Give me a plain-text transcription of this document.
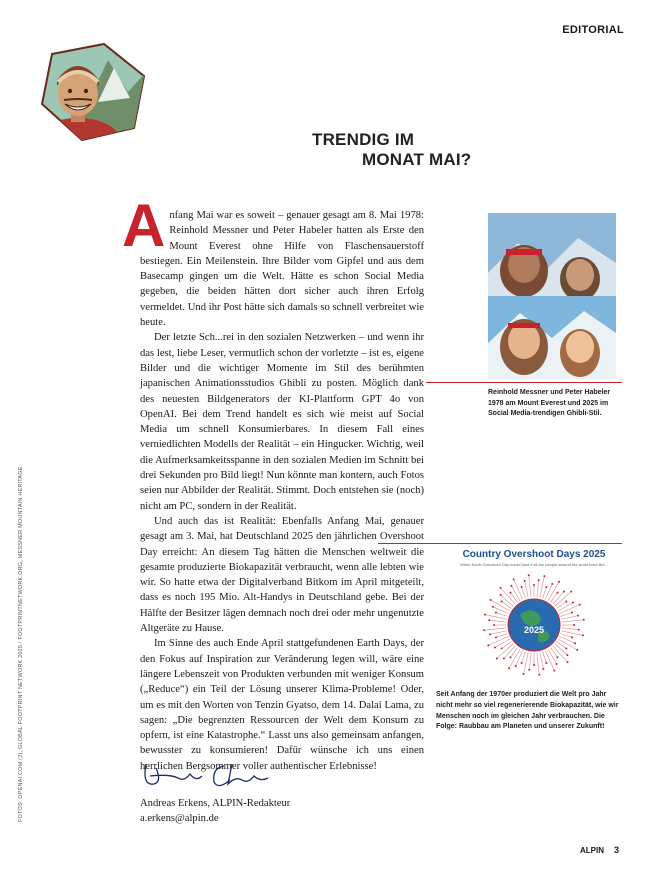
EDITORIAL
TRENDIG IM
MONAT MAI?
FOTOS: OPENAI.COM (2), GLOBAL FOOTPRINT NETWORK 2025 / FOOTPRINTNETWORK.ORG, MESSNER MOUNTAIN HERITAGE

Anfang Mai war es soweit – genauer gesagt am 8. Mai 1978: Reinhold Messner und Peter Habeler hatten als Erste den Mount Everest ohne Hilfe von Flaschensauerstoff bestiegen. Ein Meilenstein. Ihre Bilder vom Gipfel und aus dem Basecamp gingen um die Welt. Hätte es schon Social Media gegeben, die beiden hätten dort sicher auch ihren Erfolg vermeldet. Und ihr Post hätte sich damals so schnell verbreitet wie heute.

Der letzte Sch...rei in den sozialen Netzwerken – und wenn ihr das lest, liebe Leser, vermutlich schon der vorletzte – ist es, eigene Bilder und die wichtiger Momente im Stil des berühmten japanischen Animationsstudios Ghibli zu posten. Möglich dank des neuesten Bildgenerators der KI-Plattform GPT 4o von OpenAI. Bei dem Trend handelt es sich wie meist auf Social Media um schnell Konsumierbares. In diesem Fall eines verniedlichten Modells der Realität – ein Hingucker. Wichtig, weil die Aufmerksamkeitsspanne in den sozialen Medien im Schnitt bei drei Sekunden pro Bild liegt! Nun könnte man kontern, auch Fotos seien nur Abbilder der Realität. Stimmt. Doch entstehen sie (noch) nicht am PC, sondern in der Realität.

Und auch das ist Realität: Ebenfalls Anfang Mai, genauer gesagt am 3. Mai, hat Deutschland 2025 den jährlichen Overshoot Day erreicht: An diesem Tag hätten die Menschen weltweit die gesamte produzierte Biokapazität verbraucht, wenn alle lebten wie wir. So hatte etwa der Digitalverband Bitkom im April mitgeteilt, dass es noch 195 Mio. Alt-Handys in Deutschland gebe. Bei der Hälfte der Besitzer lägen demnach noch drei oder mehr ungenutzte Altgeräte zu Hause.

Im Sinne des auch Ende April stattgefundenen Earth Days, der den Fokus auf Inspiration zur Veränderung legen will, wäre eine längere Lebenszeit von Produkten verbunden mit weniger Konsum („Reduce“) ein Teil der Lösung unserer Klima-Probleme! Oder, um es mit den Worten von Tenzin Gyatso, dem 14. Dalai Lama, zu sagen: „Die begrenzten Ressourcen der Welt dem Konsum zu opfern, ist eine Katastrophe.“ Lasst uns also gemeinsam anfangen, bewusster zu konsumieren! Dafür wünsche ich uns einen herrlichen Bergsommer voller authentischer Erlebnisse!

Andreas Erkens, ALPIN-Redakteur
a.erkens@alpin.de
Reinhold Messner und Peter Habeler 1978 am Mount Everest und 2025 im Social Media-trendigen Ghibli-Stil.
Country Overshoot Days 2025
When Earth Overshoot Day would land if all the people around the world lived like...
2025
Seit Anfang der 1970er produziert die Welt pro Jahr nicht mehr so viel regenerierende Biokapazität, wie wir Menschen noch im gleichen Jahr verbrauchen. Die Folge: Raubbau am Planeten und unserer Zukunft!
ALPIN 3
